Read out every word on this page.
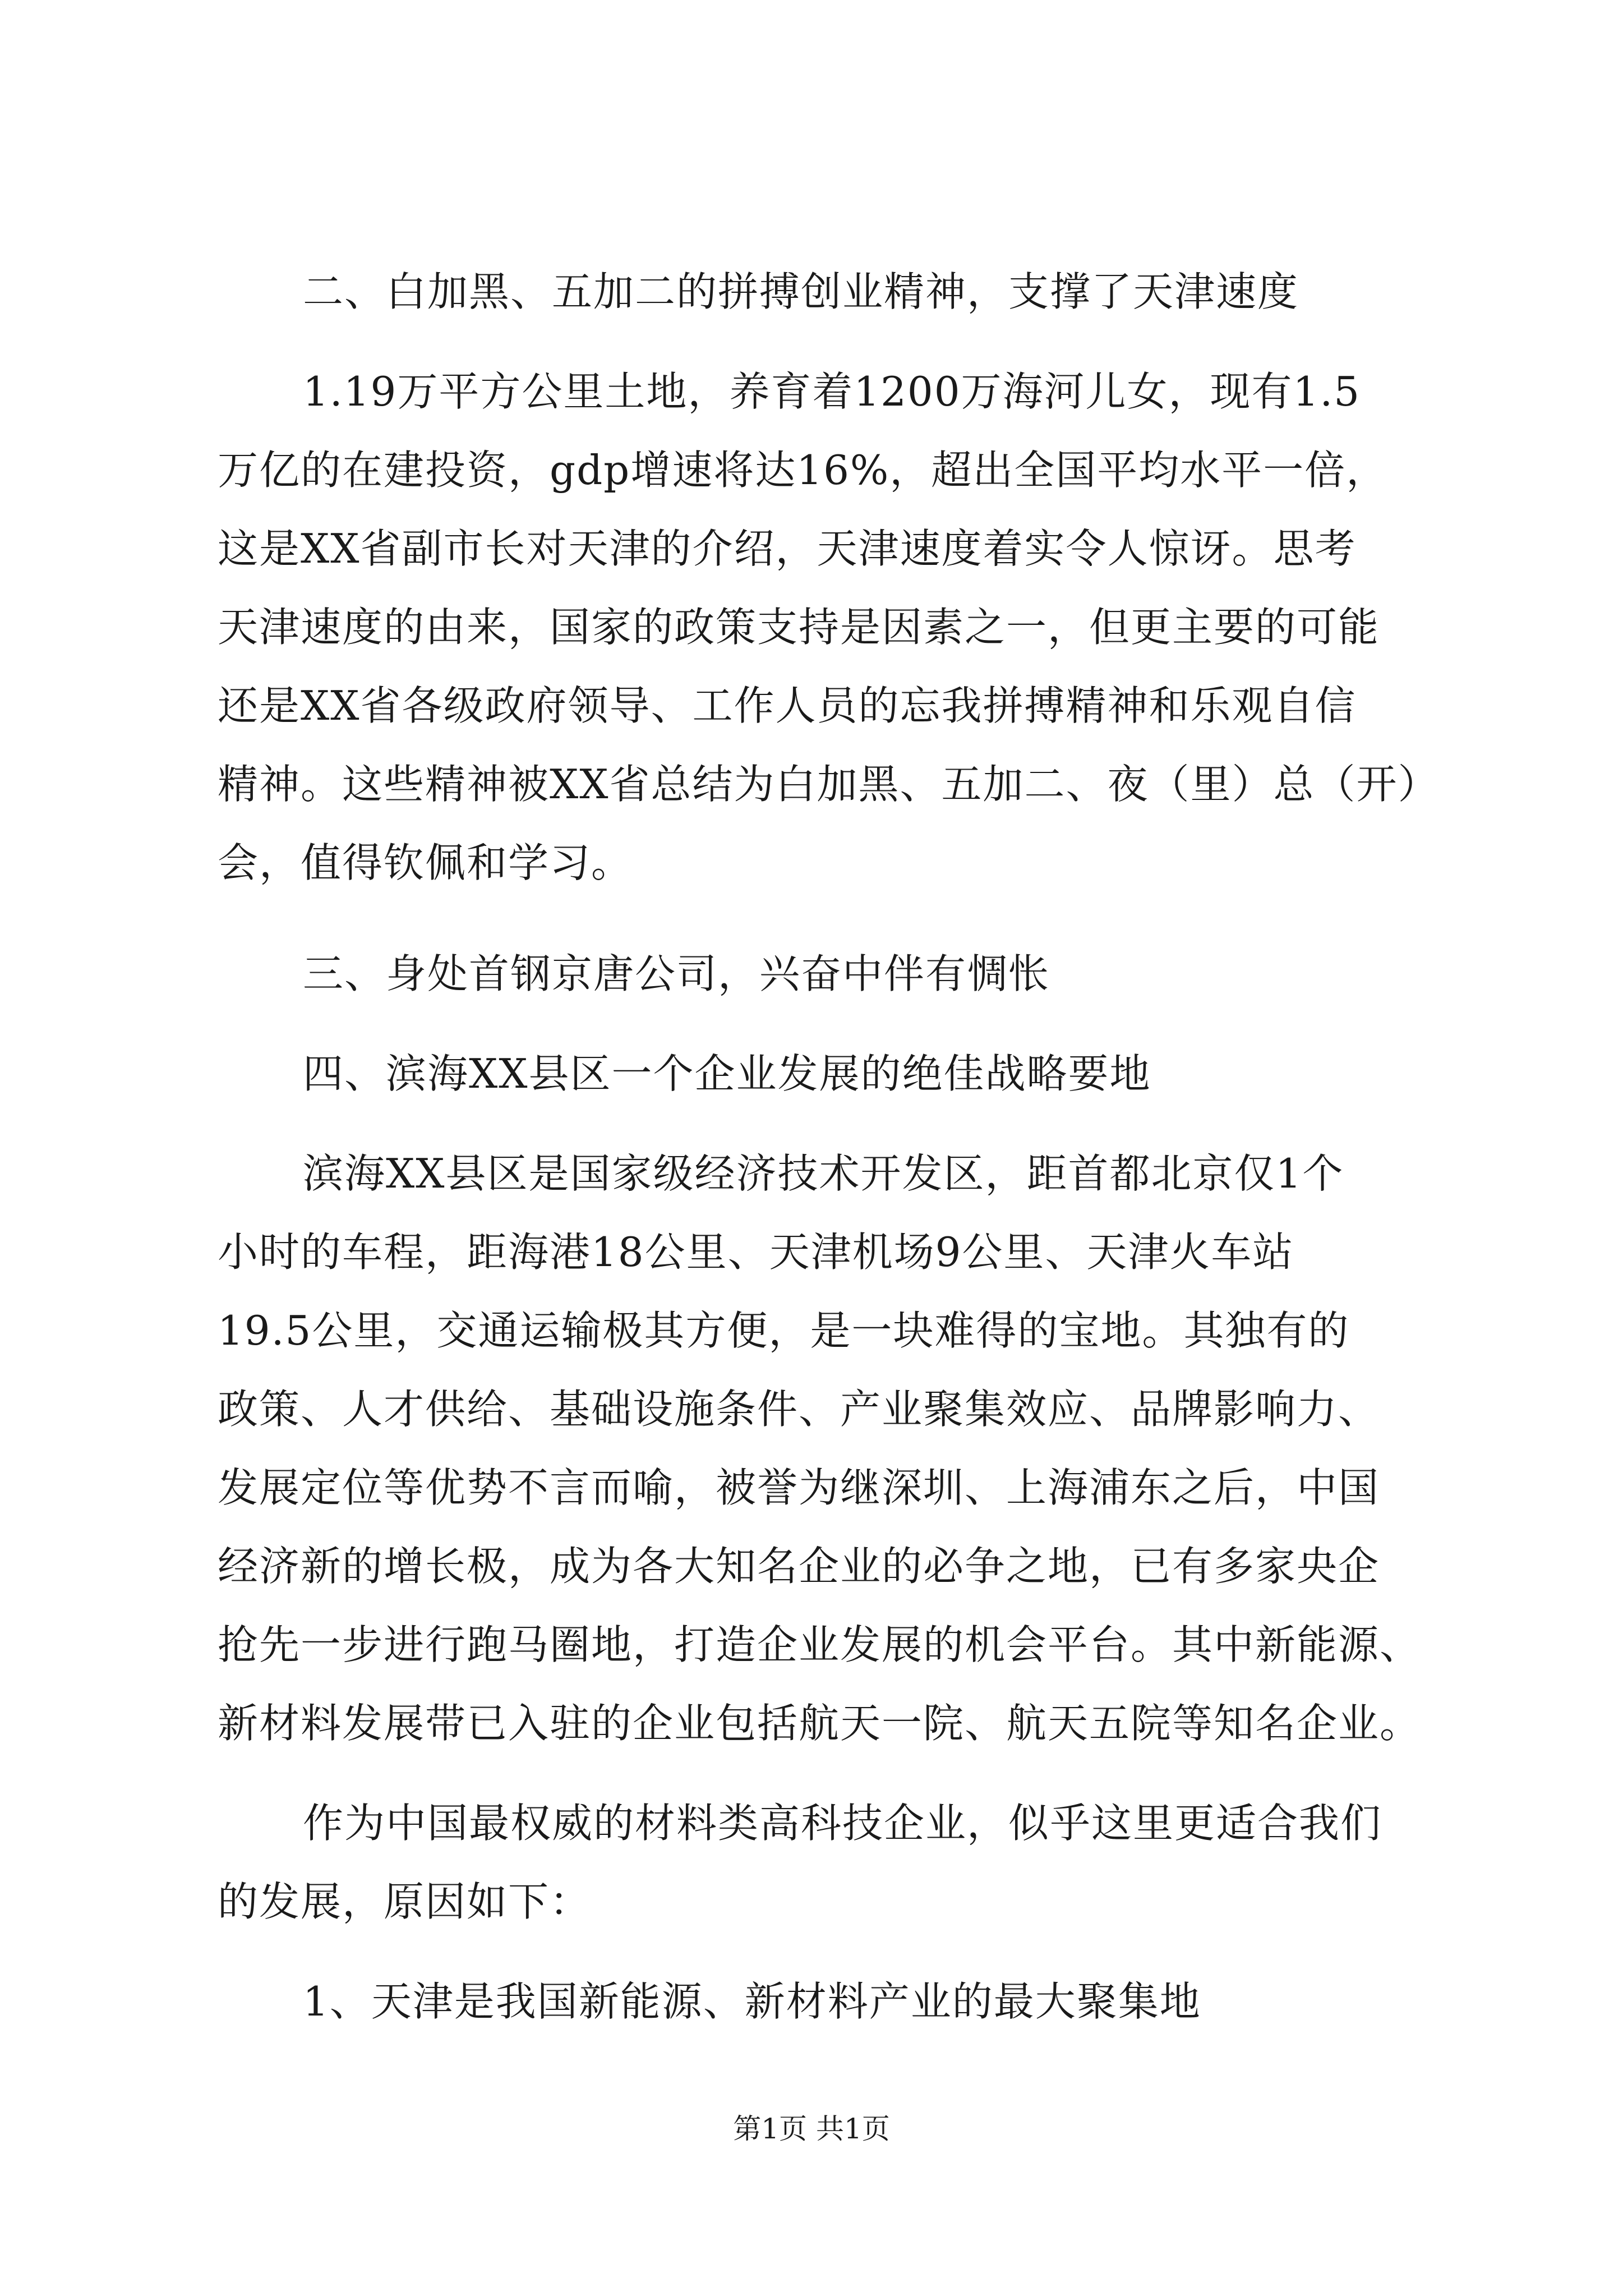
二、白加黑、五加二的拼搏创业精神，支撑了天津速度
1.19万平方公里土地，养育着1200万海河儿女，现有1.5
万亿的在建投资，gdp增速将达16%，超出全国平均水平一倍，
这是XX省副市长对天津的介绍，天津速度着实令人惊讶。思考
天津速度的由来，国家的政策支持是因素之一，但更主要的可能
还是XX省各级政府领导、工作人员的忘我拼搏精神和乐观自信
精神。这些精神被XX省总结为白加黑、五加二、夜（里）总（开）
会，值得钦佩和学习。
三、身处首钢京唐公司，兴奋中伴有惆怅
四、滨海XX县区一个企业发展的绝佳战略要地
滨海XX县区是国家级经济技术开发区，距首都北京仅1个
小时的车程，距海港18公里、天津机场9公里、天津火车站
19.5公里，交通运输极其方便，是一块难得的宝地。其独有的
政策、人才供给、基础设施条件、产业聚集效应、品牌影响力、
发展定位等优势不言而喻，被誉为继深圳、上海浦东之后，中国
经济新的增长极，成为各大知名企业的必争之地，已有多家央企
抢先一步进行跑马圈地，打造企业发展的机会平台。其中新能源、
新材料发展带已入驻的企业包括航天一院、航天五院等知名企业。
作为中国最权威的材料类高科技企业，似乎这里更适合我们
的发展，原因如下：
1、天津是我国新能源、新材料产业的最大聚集地
第1页 共1页
